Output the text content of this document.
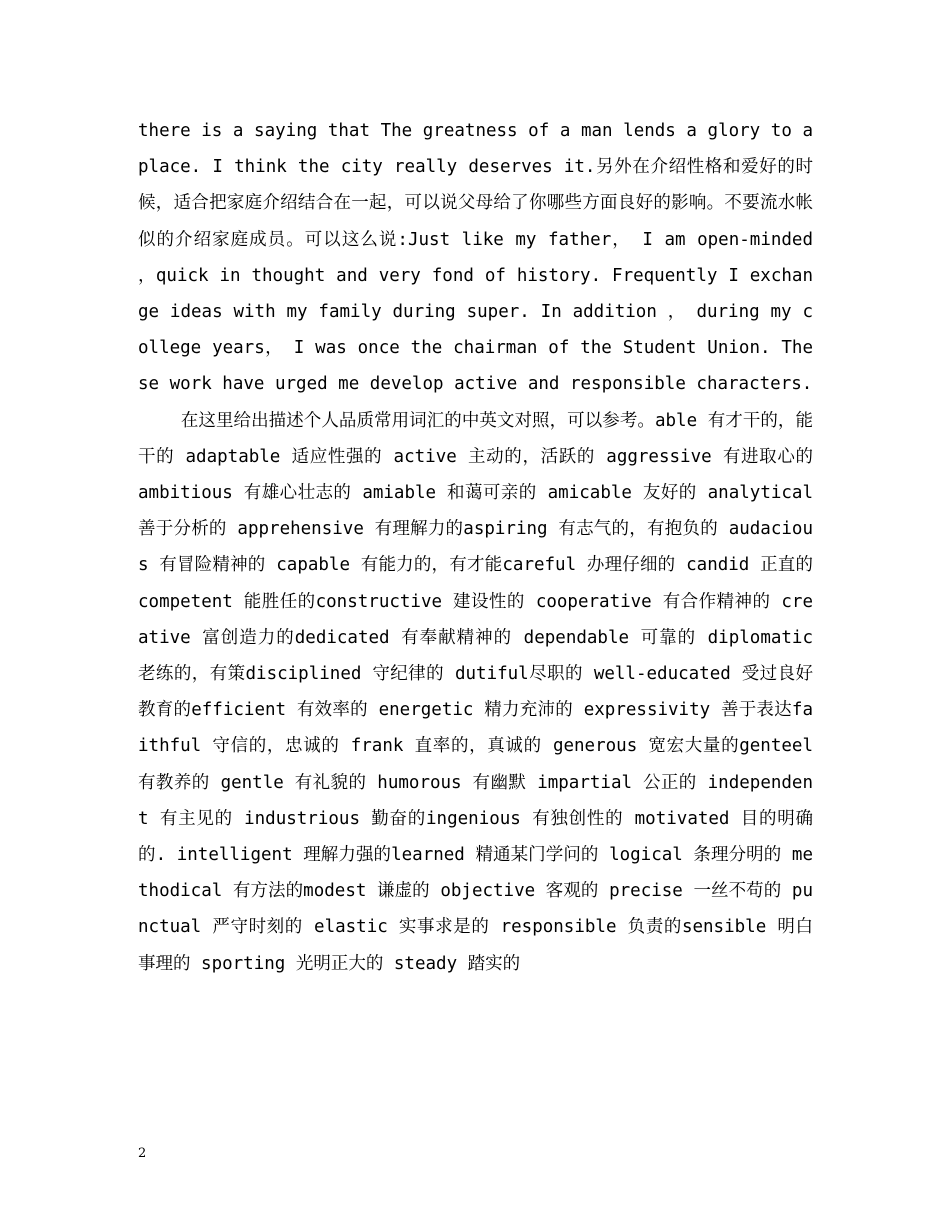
there is a saying that The greatness of a man lends a glory to a place. I think the city really deserves it.另外在介绍性格和爱好的时候，适合把家庭介绍结合在一起，可以说父母给了你哪些方面良好的影响。不要流水帐似的介绍家庭成员。可以这么说:Just like my father， I am open-minded ，quick in thought and very fond of history. Frequently I exchange ideas with my family during super. In addition ， during my college years， I was once the chairman of the Student Union. These work have urged me develop active and responsible characters.

在这里给出描述个人品质常用词汇的中英文对照，可以参考。able 有才干的，能干的 adaptable 适应性强的 active 主动的，活跃的 aggressive 有进取心的 ambitious 有雄心壮志的 amiable 和蔼可亲的 amicable 友好的 analytical 善于分析的 apprehensive 有理解力的aspiring 有志气的，有抱负的 audacious 有冒险精神的 capable 有能力的，有才能careful 办理仔细的 candid 正直的 competent 能胜任的constructive 建设性的 cooperative 有合作精神的 creative 富创造力的dedicated 有奉献精神的 dependable 可靠的 diplomatic 老练的，有策disciplined 守纪律的 dutiful尽职的 well-educated 受过良好教育的efficient 有效率的 energetic 精力充沛的 expressivity 善于表达faithful 守信的，忠诚的 frank 直率的，真诚的 generous 宽宏大量的genteel 有教养的 gentle 有礼貌的 humorous 有幽默 impartial 公正的 independent 有主见的 industrious 勤奋的ingenious 有独创性的 motivated 目的明确的. intelligent 理解力强的learned 精通某门学问的 logical 条理分明的 methodical 有方法的modest 谦虚的 objective 客观的 precise 一丝不苟的 punctual 严守时刻的 elastic 实事求是的 responsible 负责的sensible 明白事理的 sporting 光明正大的 steady 踏实的

2
